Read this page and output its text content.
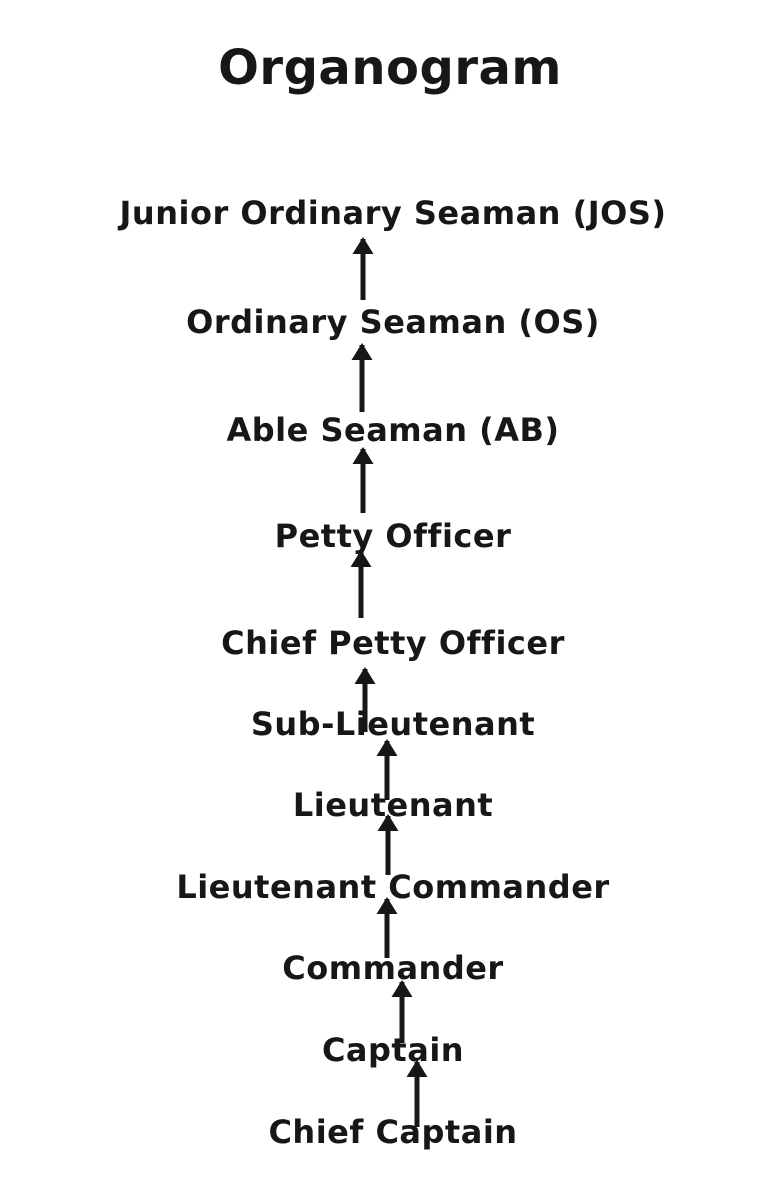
Organogram
Junior Ordinary Seaman (JOS)
Ordinary Seaman (OS)
Able Seaman (AB)
Petty Officer
Chief Petty Officer
Sub-Lieutenant
Lieutenant
Lieutenant Commander
Commander
Captain
Chief Captain
